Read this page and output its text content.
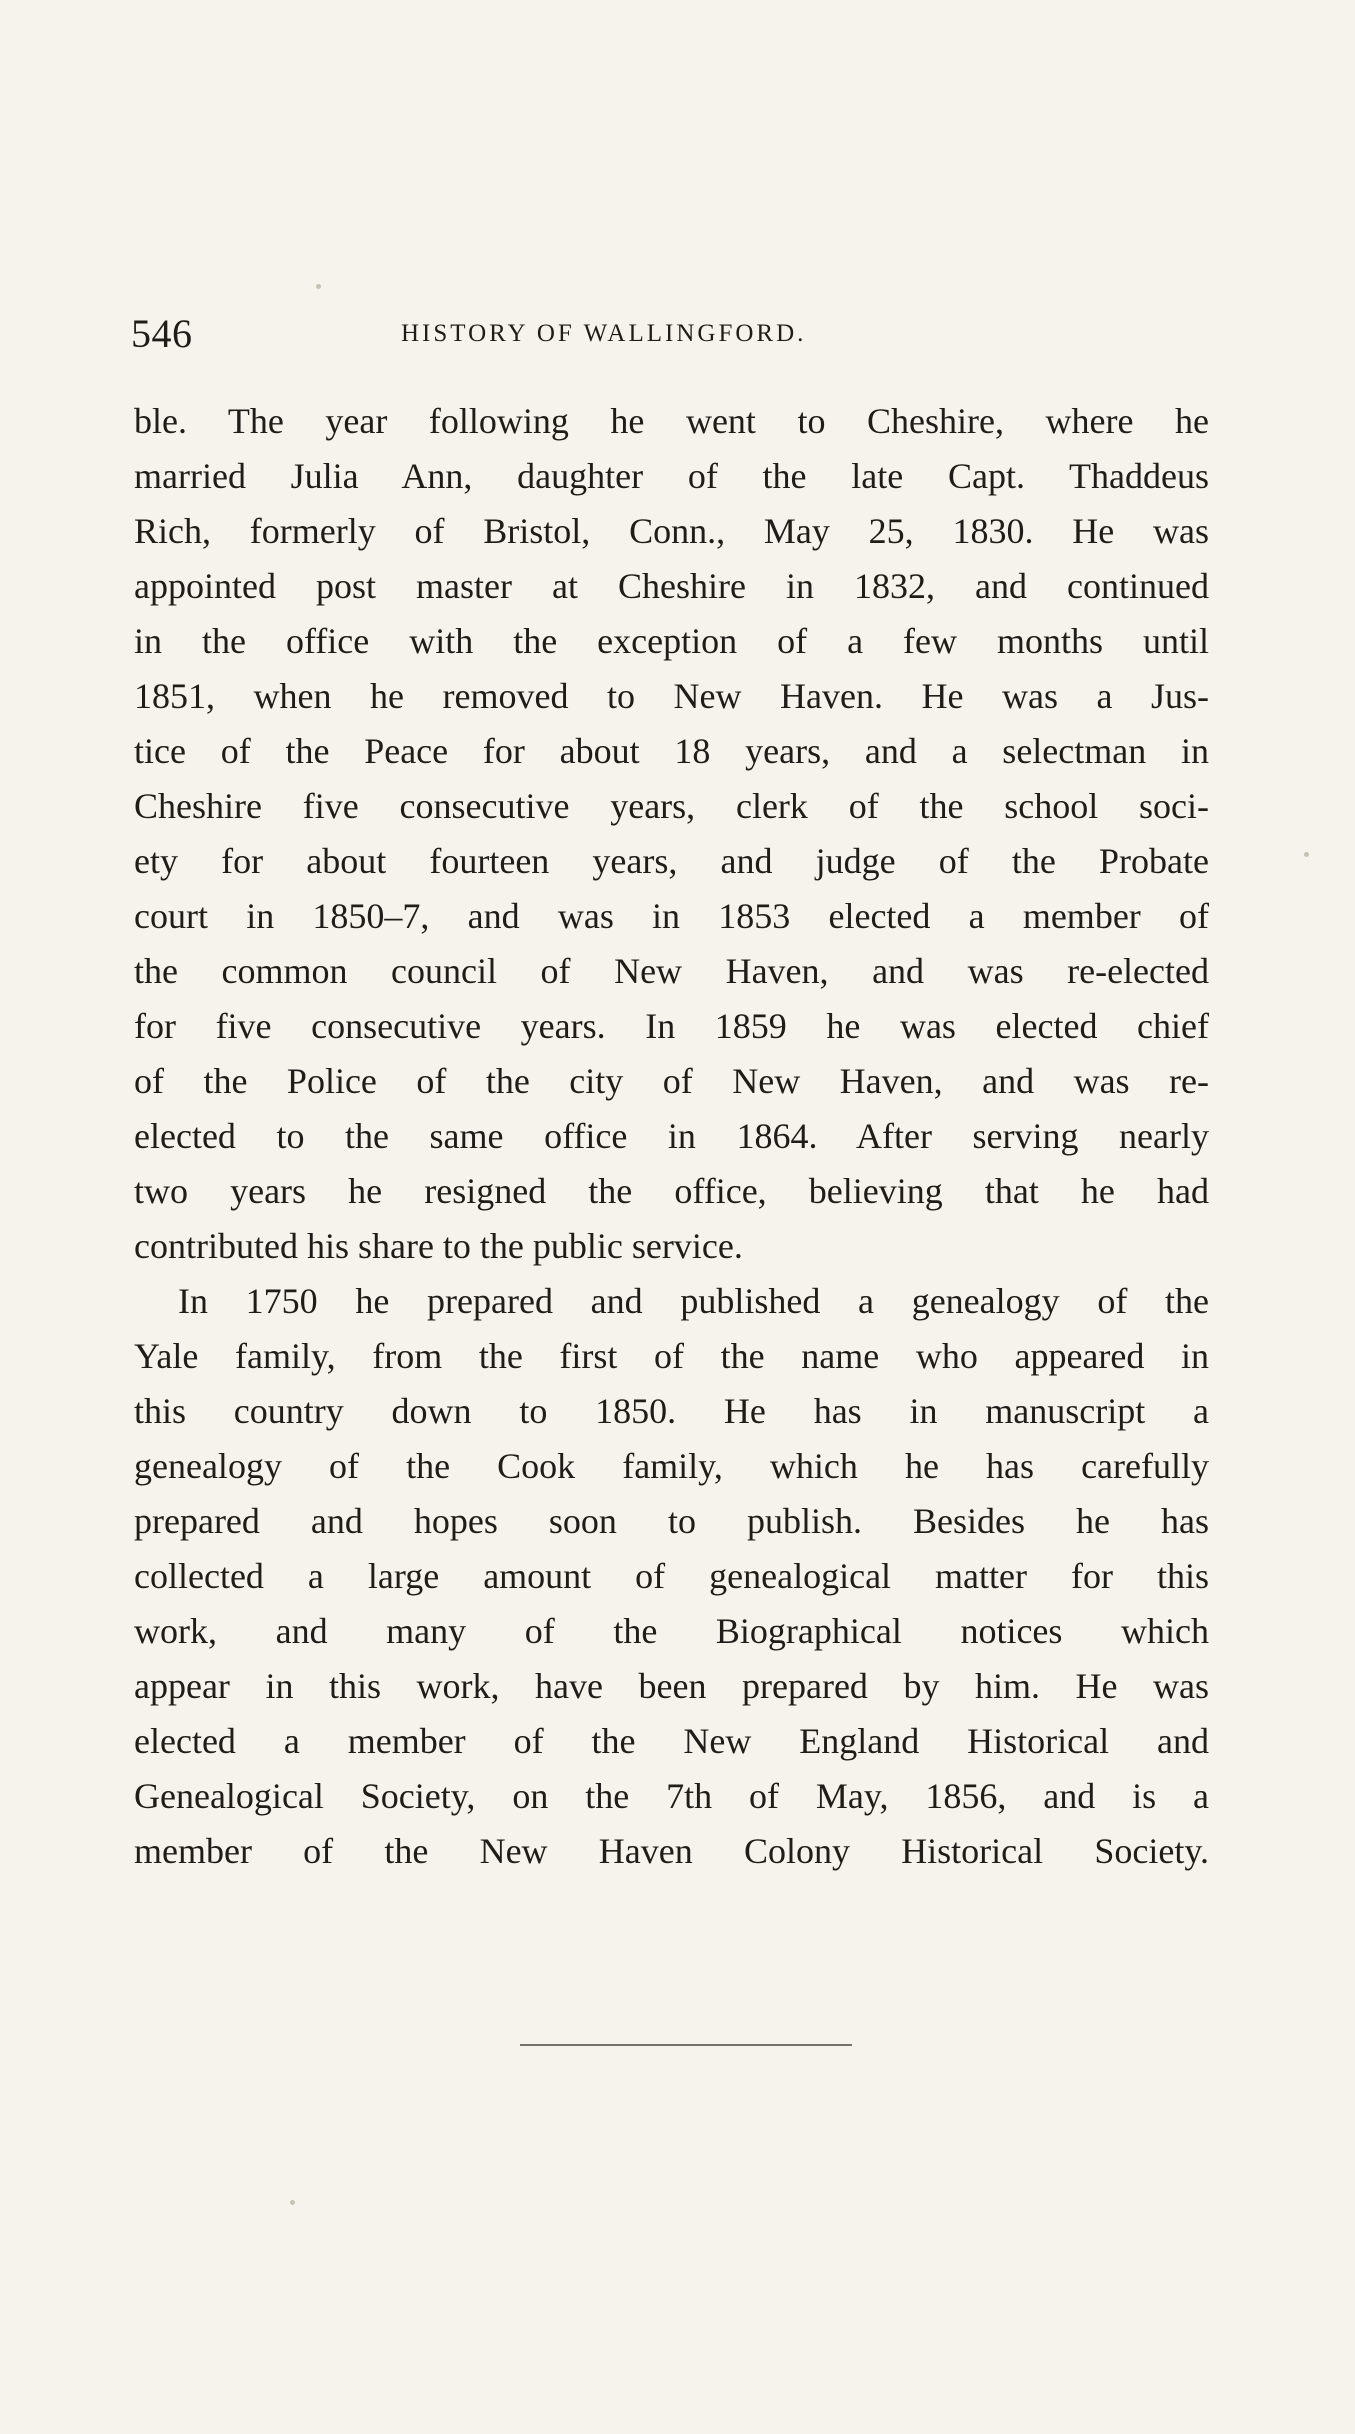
546	HISTORY OF WALLINGFORD.
ble. The year following he went to Cheshire, where he
married Julia Ann, daughter of the late Capt. Thaddeus
Rich, formerly of Bristol, Conn., May 25, 1830. He was
appointed post master at Cheshire in 1832, and continued
in the office with the exception of a few months until
1851, when he removed to New Haven. He was a Jus-
tice of the Peace for about 18 years, and a selectman in
Cheshire five consecutive years, clerk of the school soci-
ety for about fourteen years, and judge of the Probate
court in 1850–7, and was in 1853 elected a member of
the common council of New Haven, and was re-elected
for five consecutive years. In 1859 he was elected chief
of the Police of the city of New Haven, and was re-
elected to the same office in 1864. After serving nearly
two years he resigned the office, believing that he had
contributed his share to the public service.
In 1750 he prepared and published a genealogy of the
Yale family, from the first of the name who appeared in
this country down to 1850. He has in manuscript a
genealogy of the Cook family, which he has carefully
prepared and hopes soon to publish. Besides he has
collected a large amount of genealogical matter for this
work, and many of the Biographical notices which
appear in this work, have been prepared by him. He was
elected a member of the New England Historical and
Genealogical Society, on the 7th of May, 1856, and is a
member of the New Haven Colony Historical Society.
